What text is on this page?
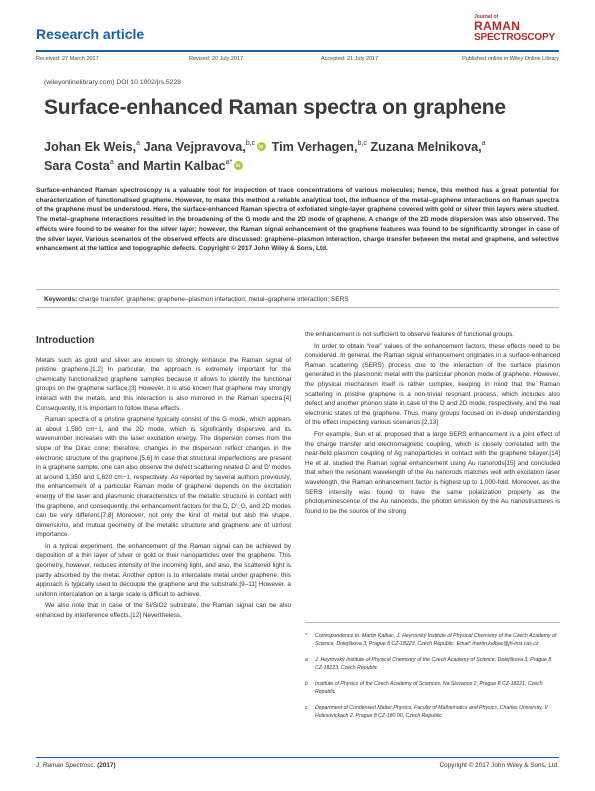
Research article
Journal of
RAMAN
SPECTROSCOPY
Received: 27 March 2017	Revised: 20 July 2017	Accepted: 21 July 2017	Published online in Wiley Online Library
(wileyonlinelibrary.com) DOI 10.1002/jrs.5228
Surface-enhanced Raman spectra on graphene
Johan Ek Weis,$^a$ Jana Vejpravova,$^{b,c}$iD Tim Verhagen,$^{b,c}$ Zuzana Melnikova,$^a$
Sara Costa$^a$ and Martin Kalbac$^{a*}$iD
Surface-enhanced Raman spectroscopy is a valuable tool for inspection of trace concentrations of various molecules; hence, this method has a great potential for characterization of functionalised graphene. However, to make this method a reliable analytical tool, the influence of the metal–graphene interactions on Raman spectra of the graphene must be understood. Here, the surface-enhanced Raman spectra of exfoliated single-layer graphene covered with gold or silver thin layers were studied. The metal–graphene interactions resulted in the broadening of the G mode and the 2D mode of graphene. A change of the 2D mode dispersion was also observed. The effects were found to be weaker for the silver layer; however, the Raman signal enhancement of the graphene features was found to be significantly stronger in case of the silver layer. Various scenarios of the observed effects are discussed: graphene–plasmon interaction, charge transfer between the metal and graphene, and selective enhancement at the lattice and topographic defects. Copyright © 2017 John Wiley & Sons, Ltd.
Keywords: charge transfer; graphene; graphene–plasmon interaction; metal–graphene interaction; SERS
Introduction

Metals such as gold and silver are known to strongly enhance the Raman signal of pristine graphene.[1,2] In particular, the approach is extremely important for the chemically functionalized graphene samples because it allows to identify the functional groups on the graphene surface.[3] However, it is also known that graphene may strongly interact with the metals, and this interaction is also mirrored in the Raman spectra.[4] Consequently, it is important to follow these effects.

Raman spectra of a pristine graphene typically consist of the G mode, which appears at about 1,580 cm−1, and the 2D mode, which is significantly dispersive and its wavenumber increases with the laser excitation energy. The dispersion comes from the slope of the Dirac cone; therefore, changes in the dispersion reflect changes in the electronic structure of the graphene.[5,6] In case that structural imperfections are present in a graphene sample, one can also observe the defect scattering related D and D′ modes at around 1,350 and 1,620 cm−1, respectively. As reported by several authors previously, the enhancement of a particular Raman mode of graphene depends on the excitation energy of the laser and plasmonic characteristics of the metallic structure in contact with the graphene, and consequently, the enhancement factors for the D, D′, G, and 2D modes can be very different.[7,8] Moreover, not only the kind of metal but also the shape, dimensions, and mutual geometry of the metallic structure and graphene are of utmost importance.

In a typical experiment, the enhancement of the Raman signal can be achieved by deposition of a thin layer of silver or gold or their nanoparticles over the graphene. This geometry, however, reduces intensity of the incoming light, and also, the scattered light is partly absorbed by the metal. Another option is to intercalate metal under graphene; this approach is typically used to decouple the graphene and the substrate.[9–11] However, a uniform intercalation on a large scale is difficult to achieve.

We also note that in case of the Si/SiO2 substrate, the Raman signal can be also enhanced by interference effects.[12] Nevertheless,

the enhancement is not sufficient to observe features of functional groups.

In order to obtain “real” values of the enhancement factors, these effects need to be considered. In general, the Raman signal enhancement originates in a surface-enhanced Raman scattering (SERS) process due to the interaction of the surface plasmon generated in the plasmonic metal with the particular phonon mode of graphene. However, the physical mechanism itself is rather complex, keeping in mind that the Raman scattering in pristine graphene is a non-trivial resonant process, which includes also defect and another phonon state in case of the D and 2D mode, respectively, and the real electronic states of the graphene. Thus, many groups focused on in-deep understanding of the effect inspecting various scenarios.[2,13]

For example, Sun et al. proposed that a large SERS enhancement is a joint effect of the charge transfer and electromagnetic coupling, which is closely correlated with the near-field plasmon coupling of Ag nanoparticles in contact with the graphene bilayer.[14] He et al. studied the Raman signal enhancement using Au nanorods[15] and concluded that when the resonant wavelength of the Au nanorods matches well with excitation laser wavelength, the Raman enhancement factor is highest up to 1,000-fold. Moreover, as the SERS intensity was found to have the same polarization property as the photoluminescence of the Au nanorods, the photon emission by the Au nanostructures is found to be the source of the strong

* Correspondence to: Martin Kalbac, J. Heyrovský Institute of Physical Chemistry of the Czech Academy of Science, Dolejškova 3, Prague 8 CZ-18223, Czech Republic. Email: martin.kalbac@jh-inst.cas.cz
a J. Heyrovský Institute of Physical Chemistry of the Czech Academy of Science, Dolejškova 3, Prague 8 CZ-18223, Czech Republic
b Institute of Physics of the Czech Academy of Sciences, Na Slovance 2, Prague 8 CZ-18221, Czech Republic
c Department of Condensed Matter Physics, Faculty of Mathematics and Physics, Charles University, V Holesovickach 2, Prague 8 CZ-180 00, Czech Republic
J. Raman Spectrosc. (2017)	Copyright © 2017 John Wiley & Sons, Ltd.
